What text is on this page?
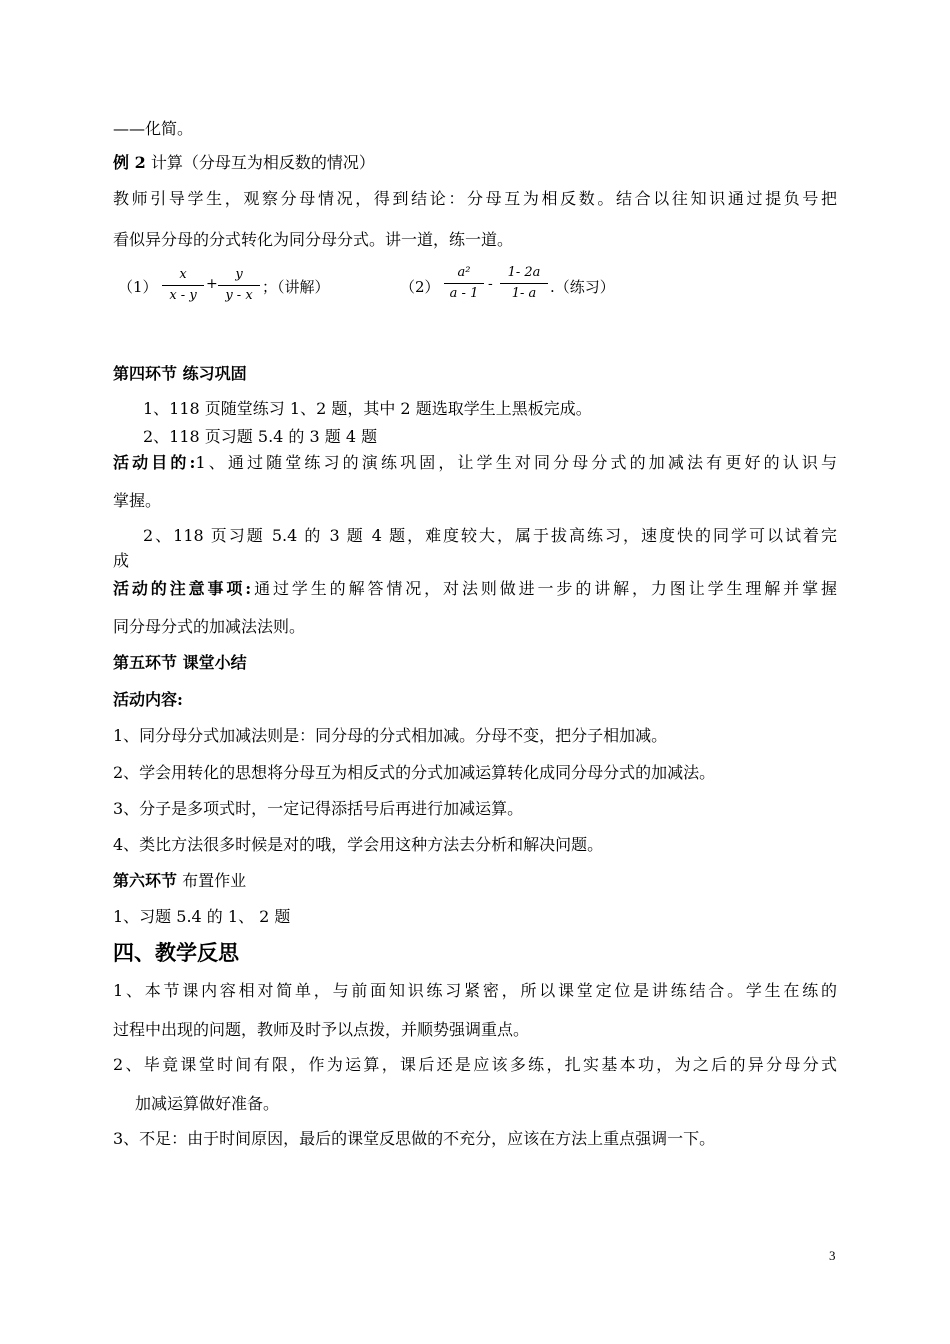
——化简。
例 2 计算（分母互为相反数的情况）
教师引导学生，观察分母情况，得到结论：分母互为相反数。结合以往知识通过提负号把
看似异分母的分式转化为同分母分式。讲一道，练一道。
$(1) \frac{x}{x - y} + \frac{y}{y - x}$ ；（讲解）	$(2) \frac{\text{a²}}{a - 1} - \frac{1- 2a}{1- a}$ .（练习）
第四环节 练习巩固
1、118 页随堂练习 1、2 题，其中 2 题选取学生上黑板完成。
2、118 页习题 5.4 的 3 题 4 题
活动目的:1、通过随堂练习的演练巩固，让学生对同分母分式的加减法有更好的认识与
掌握。
2、118 页习题 5.4 的 3 题 4 题，难度较大，属于拔高练习，速度快的同学可以试着完
成
活动的注意事项:通过学生的解答情况，对法则做进一步的讲解，力图让学生理解并掌握
同分母分式的加减法法则。
第五环节 课堂小结
活动内容:
1、同分母分式加减法则是：同分母的分式相加减。分母不变，把分子相加减。
2、学会用转化的思想将分母互为相反式的分式加减运算转化成同分母分式的加减法。
3、分子是多项式时，一定记得添括号后再进行加减运算。
4、类比方法很多时候是对的哦，学会用这种方法去分析和解决问题。
第六环节 布置作业
1、习题 5.4 的 1、 2 题
四、教学反思
1、本节课内容相对简单，与前面知识练习紧密，所以课堂定位是讲练结合。学生在练的
过程中出现的问题，教师及时予以点拨，并顺势强调重点。
2、毕竟课堂时间有限，作为运算，课后还是应该多练，扎实基本功，为之后的异分母分式
加减运算做好准备。
3、不足：由于时间原因，最后的课堂反思做的不充分，应该在方法上重点强调一下。
3
